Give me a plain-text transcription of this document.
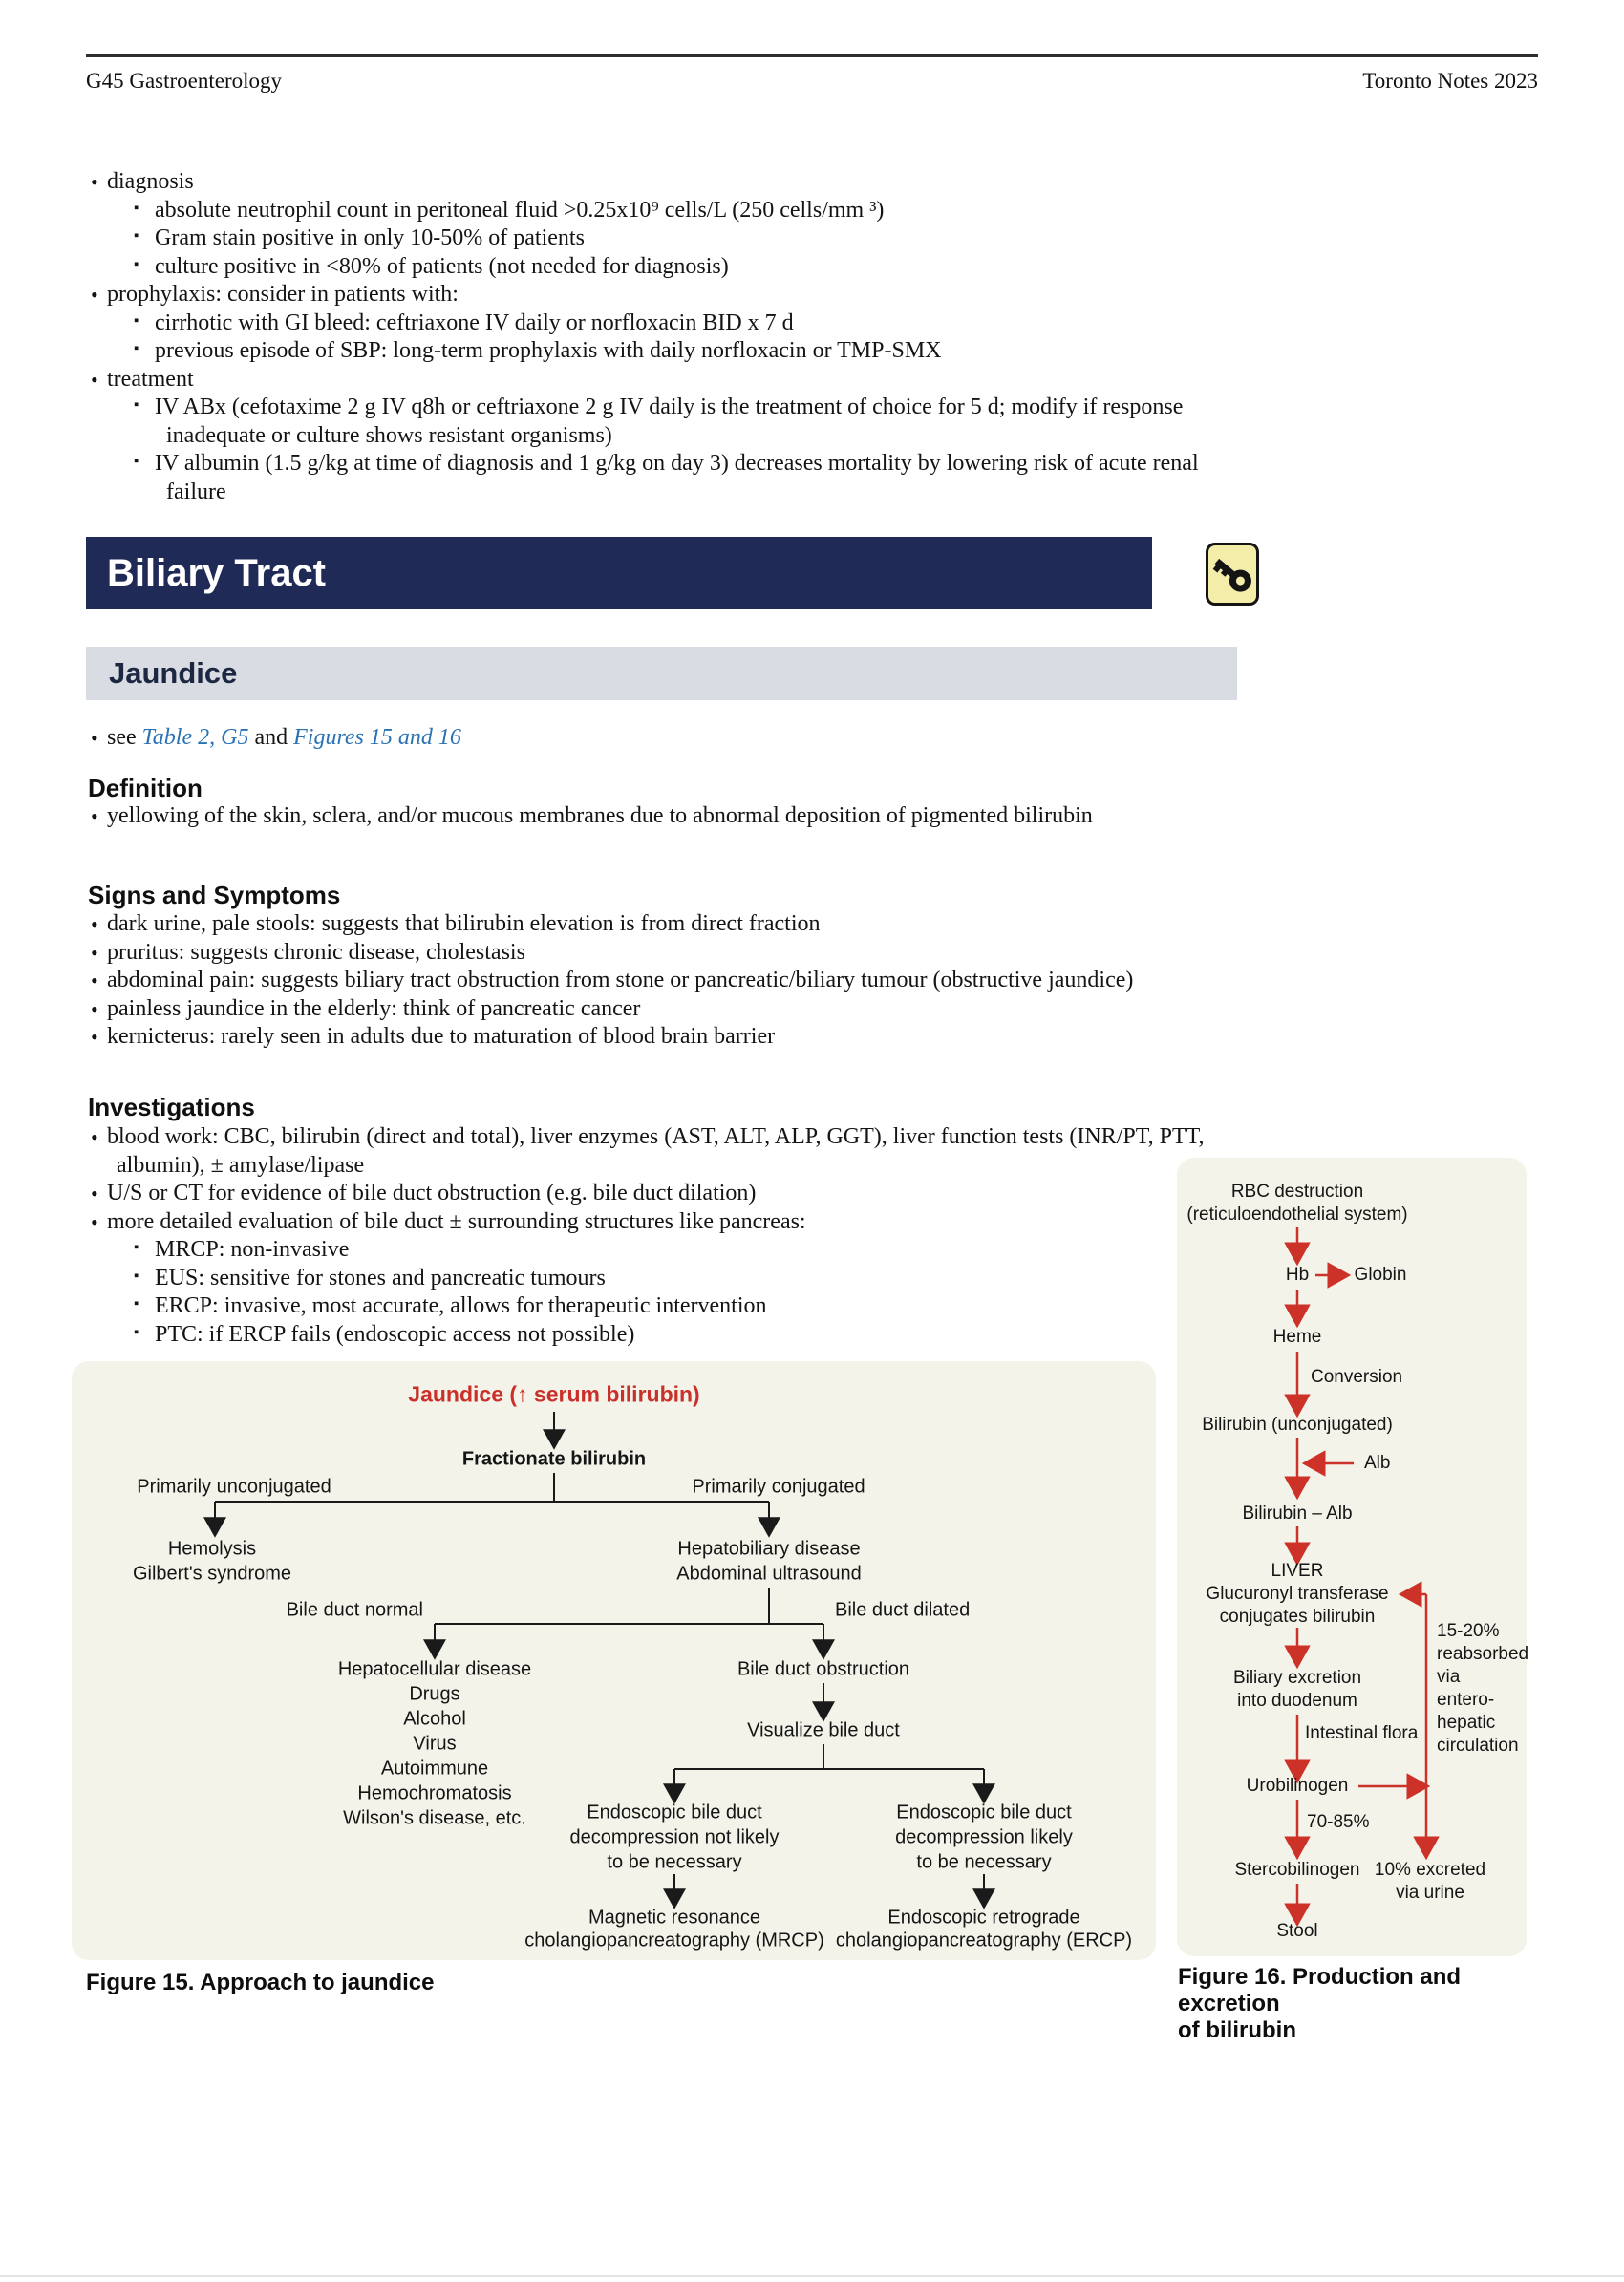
G45 Gastroenterology	Toronto Notes 2023
• diagnosis
▪ absolute neutrophil count in peritoneal fluid >0.25x10⁹ cells/L (250 cells/mm ³)
▪ Gram stain positive in only 10-50% of patients
▪ culture positive in <80% of patients (not needed for diagnosis)
• prophylaxis: consider in patients with:
▪ cirrhotic with GI bleed: ceftriaxone IV daily or norfloxacin BID x 7 d
▪ previous episode of SBP: long-term prophylaxis with daily norfloxacin or TMP-SMX
• treatment
▪ IV ABx (cefotaxime 2 g IV q8h or ceftriaxone 2 g IV daily is the treatment of choice for 5 d; modify if response inadequate or culture shows resistant organisms)
▪ IV albumin (1.5 g/kg at time of diagnosis and 1 g/kg on day 3) decreases mortality by lowering risk of acute renal failure
Biliary Tract
Jaundice
• see Table 2, G5 and Figures 15 and 16
Definition
• yellowing of the skin, sclera, and/or mucous membranes due to abnormal deposition of pigmented bilirubin
Signs and Symptoms
• dark urine, pale stools: suggests that bilirubin elevation is from direct fraction
• pruritus: suggests chronic disease, cholestasis
• abdominal pain: suggests biliary tract obstruction from stone or pancreatic/biliary tumour (obstructive jaundice)
• painless jaundice in the elderly: think of pancreatic cancer
• kernicterus: rarely seen in adults due to maturation of blood brain barrier
Investigations
• blood work: CBC, bilirubin (direct and total), liver enzymes (AST, ALT, ALP, GGT), liver function tests (INR/PT, PTT, albumin), ± amylase/lipase
• U/S or CT for evidence of bile duct obstruction (e.g. bile duct dilation)
• more detailed evaluation of bile duct ± surrounding structures like pancreas:
▪ MRCP: non-invasive
▪ EUS: sensitive for stones and pancreatic tumours
▪ ERCP: invasive, most accurate, allows for therapeutic intervention
▪ PTC: if ERCP fails (endoscopic access not possible)
Jaundice (↑ serum bilirubin)
Fractionate bilirubin
Primarily unconjugated	Primarily conjugated
Hemolysis
Gilbert's syndrome
Hepatobiliary disease
Abdominal ultrasound
Bile duct normal	Bile duct dilated
Hepatocellular disease
Drugs
Alcohol
Virus
Autoimmune
Hemochromatosis
Wilson's disease, etc.
Bile duct obstruction
Visualize bile duct
Endoscopic bile duct
decompression not likely
to be necessary
Endoscopic bile duct
decompression likely
to be necessary
Magnetic resonance
cholangiopancreatography (MRCP)
Endoscopic retrograde
cholangiopancreatography (ERCP)
Figure 15. Approach to jaundice
RBC destruction
(reticuloendothelial system)
Hb Globin
Heme
Conversion
Bilirubin (unconjugated)
Alb
Bilirubin – Alb
LIVER
Glucuronyl transferase
conjugates bilirubin
15-20%
reabsorbed
via
entero-
hepatic
circulation
Biliary excretion
into duodenum
Intestinal flora
Urobilinogen
70-85%
Stercobilinogen 10% excreted
via urine
Stool
Figure 16. Production and excretion
of bilirubin
